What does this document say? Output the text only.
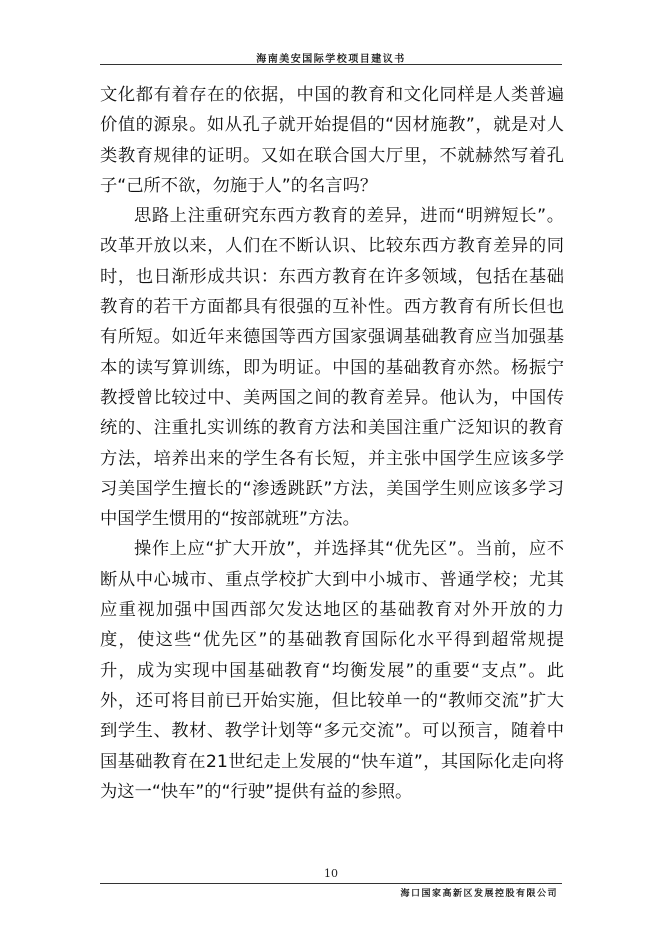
海南美安国际学校项目建议书

文化都有着存在的依据，中国的教育和文化同样是人类普遍价值的源泉。如从孔子就开始提倡的“因材施教”，就是对人类教育规律的证明。又如在联合国大厅里，不就赫然写着孔子“己所不欲，勿施于人”的名言吗？

思路上注重研究东西方教育的差异，进而“明辨短长”。改革开放以来，人们在不断认识、比较东西方教育差异的同时，也日渐形成共识：东西方教育在许多领域，包括在基础教育的若干方面都具有很强的互补性。西方教育有所长但也有所短。如近年来德国等西方国家强调基础教育应当加强基本的读写算训练，即为明证。中国的基础教育亦然。杨振宁教授曾比较过中、美两国之间的教育差异。他认为，中国传统的、注重扎实训练的教育方法和美国注重广泛知识的教育方法，培养出来的学生各有长短，并主张中国学生应该多学习美国学生擅长的“渗透跳跃”方法，美国学生则应该多学习中国学生惯用的“按部就班”方法。

操作上应“扩大开放”，并选择其“优先区”。当前，应不断从中心城市、重点学校扩大到中小城市、普通学校；尤其应重视加强中国西部欠发达地区的基础教育对外开放的力度，使这些“优先区”的基础教育国际化水平得到超常规提升，成为实现中国基础教育“均衡发展”的重要“支点”。此外，还可将目前已开始实施，但比较单一的“教师交流”扩大到学生、教材、教学计划等“多元交流”。可以预言，随着中国基础教育在21世纪走上发展的“快车道”，其国际化走向将为这一“快车”的“行驶”提供有益的参照。

10
海口国家高新区发展控股有限公司
